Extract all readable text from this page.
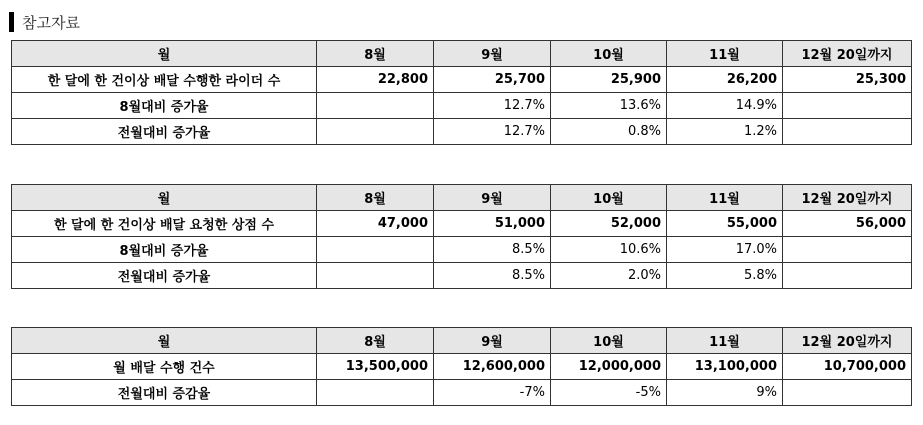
참고자료
월	8월	9월	10월	11월	12월 20일까지
한 달에 한 건이상 배달 수행한 라이더 수	22,800	25,700	25,900	26,200	25,300
8월대비 증가율		12.7%	13.6%	14.9%	
전월대비 증가율		12.7%	0.8%	1.2%	
월	8월	9월	10월	11월	12월 20일까지
한 달에 한 건이상 배달 요청한 상점 수	47,000	51,000	52,000	55,000	56,000
8월대비 증가율		8.5%	10.6%	17.0%	
전월대비 증가율		8.5%	2.0%	5.8%	
월	8월	9월	10월	11월	12월 20일까지
월 배달 수행 건수	13,500,000	12,600,000	12,000,000	13,100,000	10,700,000
전월대비 증감율		-7%	-5%	9%	
